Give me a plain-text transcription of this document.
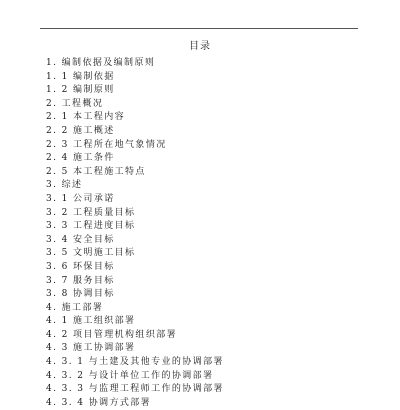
目录
1. 编制依据及编制原则
1. 1 编制依据
1. 2 编制原则
2. 工程概况
2. 1 本工程内容
2. 2 施工概述
2. 3 工程所在地气象情况
2. 4 施工条件
2. 5 本工程施工特点
3. 综述
3. 1 公司承诺
3. 2 工程质量目标
3. 3 工程进度目标
3. 4 安全目标
3. 5 文明施工目标
3. 6 环保目标
3. 7 服务目标
3. 8 协调目标
4. 施工部署
4. 1 施工组织部署
4. 2 项目管理机构组织部署
4. 3 施工协调部署
4. 3. 1 与土建及其他专业的协调部署
4. 3. 2 与设计单位工作的协调部署
4. 3. 3 与监理工程师工作的协调部署
4. 3. 4 协调方式部署
